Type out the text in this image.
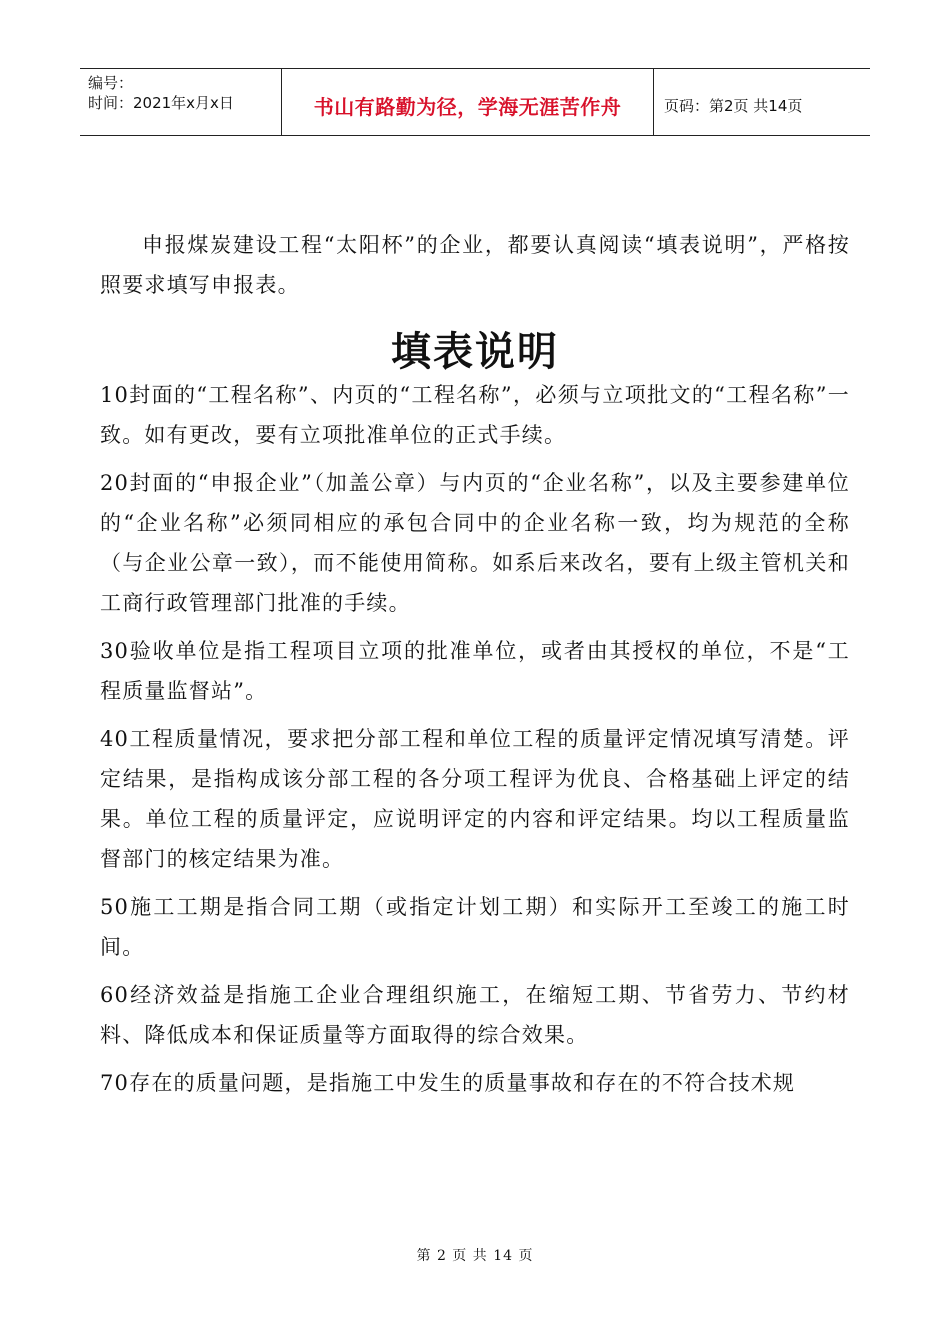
编号：
时间：2021年x月x日	书山有路勤为径，学海无涯苦作舟	页码：第2页 共14页

申报煤炭建设工程“太阳杯”的企业，都要认真阅读“填表说明”，严格按照要求填写申报表。

填表说明

10封面的“工程名称”、内页的“工程名称”，必须与立项批文的“工程名称”一致。如有更改，要有立项批准单位的正式手续。

20封面的“申报企业”（加盖公章）与内页的“企业名称”，以及主要参建单位的“企业名称”必须同相应的承包合同中的企业名称一致，均为规范的全称（与企业公章一致），而不能使用简称。如系后来改名，要有上级主管机关和工商行政管理部门批准的手续。

30验收单位是指工程项目立项的批准单位，或者由其授权的单位，不是“工程质量监督站”。

40工程质量情况，要求把分部工程和单位工程的质量评定情况填写清楚。评定结果，是指构成该分部工程的各分项工程评为优良、合格基础上评定的结果。单位工程的质量评定，应说明评定的内容和评定结果。均以工程质量监督部门的核定结果为准。

50施工工期是指合同工期（或指定计划工期）和实际开工至竣工的施工时间。

60经济效益是指施工企业合理组织施工，在缩短工期、节省劳力、节约材料、降低成本和保证质量等方面取得的综合效果。

70存在的质量问题，是指施工中发生的质量事故和存在的不符合技术规

第 2 页 共 14 页
